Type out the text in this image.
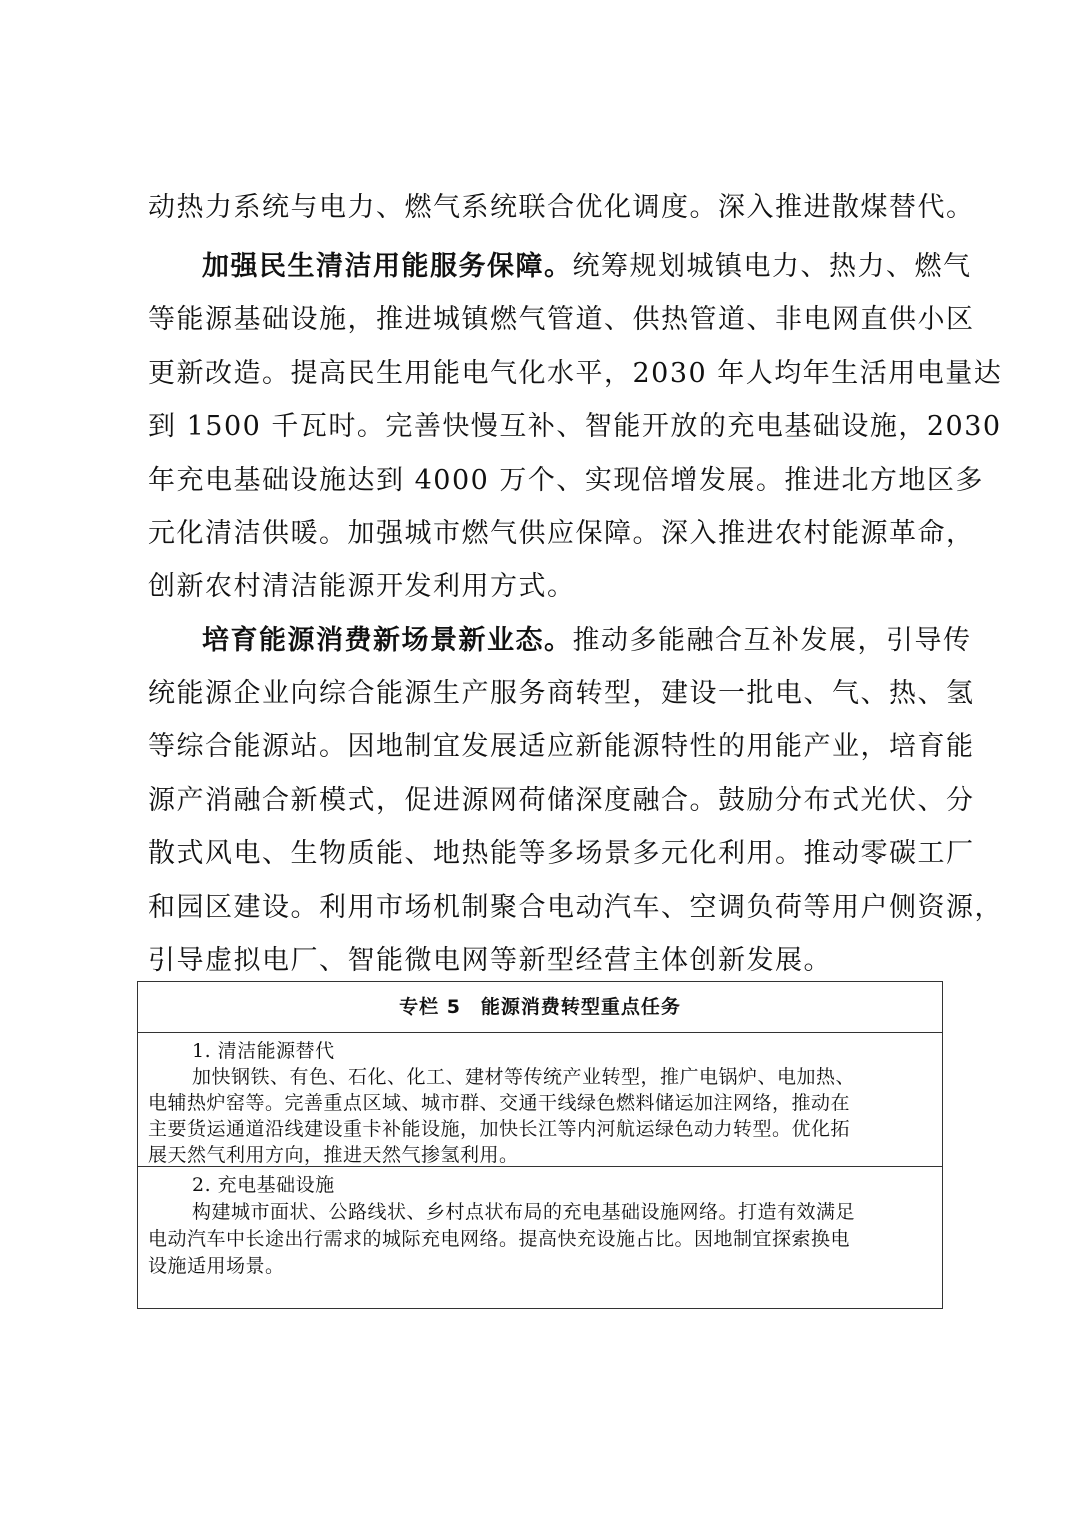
动热力系统与电力、燃气系统联合优化调度。深入推进散煤替代。
加强民生清洁用能服务保障。统筹规划城镇电力、热力、燃气
等能源基础设施，推进城镇燃气管道、供热管道、非电网直供小区
更新改造。提高民生用能电气化水平，2030 年人均年生活用电量达
到 1500 千瓦时。完善快慢互补、智能开放的充电基础设施，2030
年充电基础设施达到 4000 万个、实现倍增发展。推进北方地区多
元化清洁供暖。加强城市燃气供应保障。深入推进农村能源革命，
创新农村清洁能源开发利用方式。
培育能源消费新场景新业态。推动多能融合互补发展，引导传
统能源企业向综合能源生产服务商转型，建设一批电、气、热、氢
等综合能源站。因地制宜发展适应新能源特性的用能产业，培育能
源产消融合新模式，促进源网荷储深度融合。鼓励分布式光伏、分
散式风电、生物质能、地热能等多场景多元化利用。推动零碳工厂
和园区建设。利用市场机制聚合电动汽车、空调负荷等用户侧资源，
引导虚拟电厂、智能微电网等新型经营主体创新发展。
专栏 5　能源消费转型重点任务
1. 清洁能源替代
加快钢铁、有色、石化、化工、建材等传统产业转型，推广电锅炉、电加热、
电辅热炉窑等。完善重点区域、城市群、交通干线绿色燃料储运加注网络，推动在
主要货运通道沿线建设重卡补能设施，加快长江等内河航运绿色动力转型。优化拓
展天然气利用方向，推进天然气掺氢利用。
2. 充电基础设施
构建城市面状、公路线状、乡村点状布局的充电基础设施网络。打造有效满足
电动汽车中长途出行需求的城际充电网络。提高快充设施占比。因地制宜探索换电
设施适用场景。
